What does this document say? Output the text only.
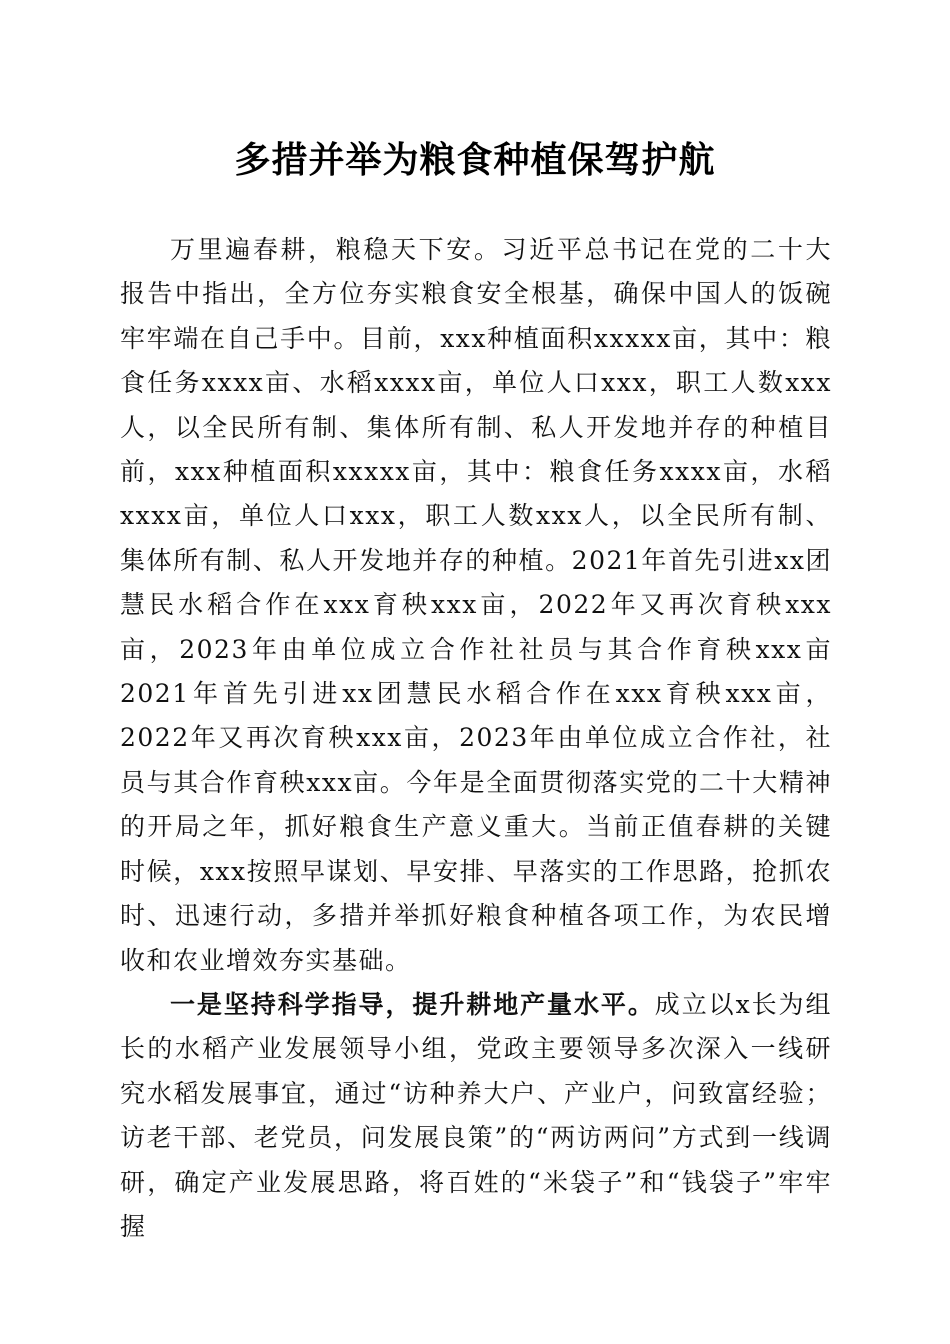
多措并举为粮食种植保驾护航

万里遍春耕，粮稳天下安。习近平总书记在党的二十大报告中指出，全方位夯实粮食安全根基，确保中国人的饭碗牢牢端在自己手中。目前，xxx种植面积xxxxx亩，其中：粮食任务xxxx亩、水稻xxxx亩，单位人口xxx，职工人数xxx人，以全民所有制、集体所有制、私人开发地并存的种植目前，xxx种植面积xxxxx亩，其中：粮食任务xxxx亩，水稻xxxx亩，单位人口xxx，职工人数xxx人，以全民所有制、集体所有制、私人开发地并存的种植。2021年首先引进xx团慧民水稻合作在xxx育秧xxx亩，2022年又再次育秧xxx亩，2023年由单位成立合作社社员与其合作育秧xxx亩2021年首先引进xx团慧民水稻合作在xxx育秧xxx亩，2022年又再次育秧xxx亩，2023年由单位成立合作社，社员与其合作育秧xxx亩。今年是全面贯彻落实党的二十大精神的开局之年，抓好粮食生产意义重大。当前正值春耕的关键时候，xxx按照早谋划、早安排、早落实的工作思路，抢抓农时、迅速行动，多措并举抓好粮食种植各项工作，为农民增收和农业增效夯实基础。

一是坚持科学指导，提升耕地产量水平。成立以x长为组长的水稻产业发展领导小组，党政主要领导多次深入一线研究水稻发展事宜，通过“访种养大户、产业户，问致富经验；访老干部、老党员，问发展良策”的“两访两问”方式到一线调研，确定产业发展思路，将百姓的“米袋子”和“钱袋子”牢牢握
